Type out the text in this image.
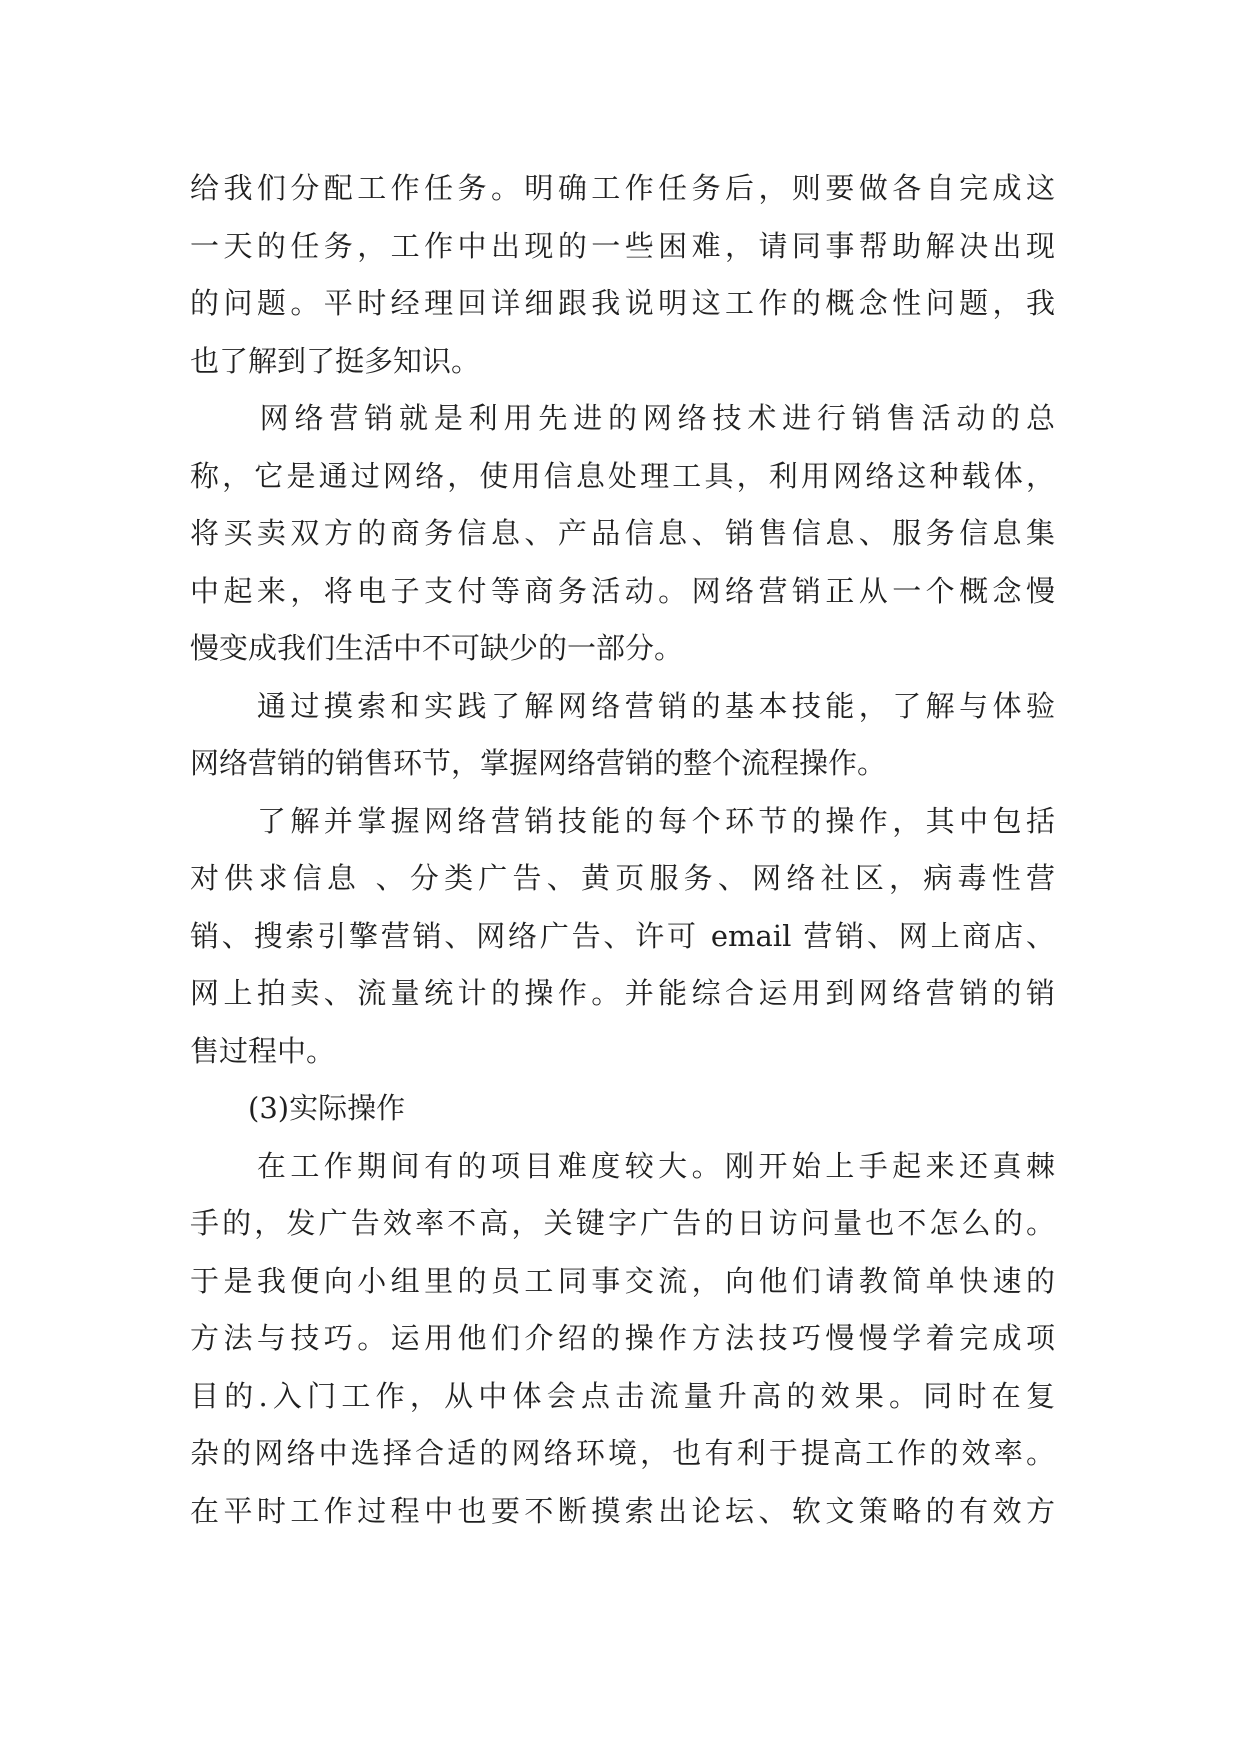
给我们分配工作任务。明确工作任务后，则要做各自完成这
一天的任务，工作中出现的一些困难，请同事帮助解决出现
的问题。平时经理回详细跟我说明这工作的概念性问题，我
也了解到了挺多知识。
　　网络营销就是利用先进的网络技术进行销售活动的总
称，它是通过网络，使用信息处理工具，利用网络这种载体，
将买卖双方的商务信息、产品信息、销售信息、服务信息集
中起来，将电子支付等商务活动。网络营销正从一个概念慢
慢变成我们生活中不可缺少的一部分。
　　通过摸索和实践了解网络营销的基本技能，了解与体验
网络营销的销售环节，掌握网络营销的整个流程操作。
　　了解并掌握网络营销技能的每个环节的操作，其中包括
对供求信息 、分类广告、黄页服务、网络社区，病毒性营
销、搜索引擎营销、网络广告、许可 email 营销、网上商店、
网上拍卖、流量统计的操作。并能综合运用到网络营销的销
售过程中。
　　(3)实际操作
　　在工作期间有的项目难度较大。刚开始上手起来还真棘
手的，发广告效率不高，关键字广告的日访问量也不怎么的。
于是我便向小组里的员工同事交流，向他们请教简单快速的
方法与技巧。运用他们介绍的操作方法技巧慢慢学着完成项
目的.入门工作，从中体会点击流量升高的效果。同时在复
杂的网络中选择合适的网络环境，也有利于提高工作的效率。
在平时工作过程中也要不断摸索出论坛、软文策略的有效方
